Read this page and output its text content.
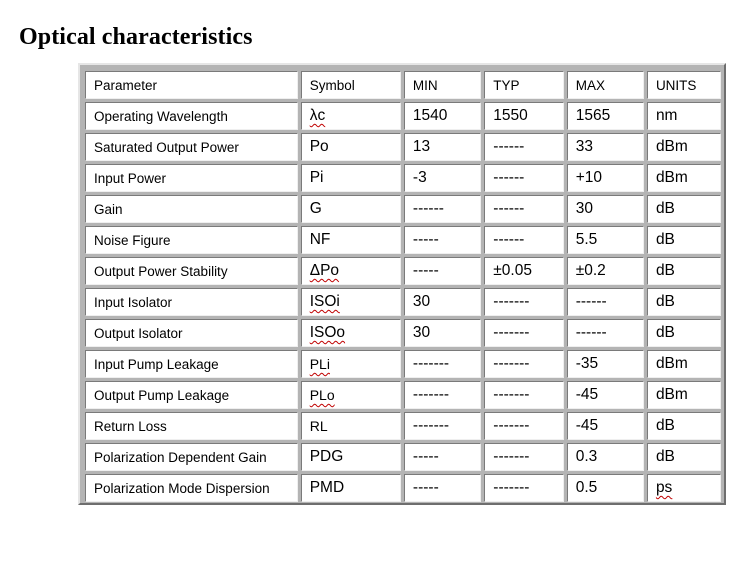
Optical characteristics
Parameter	Symbol	MIN	TYP	MAX	UNITS
Operating Wavelength	λc	1540	1550	1565	nm
Saturated Output Power	Po	13	------	33	dBm
Input Power	Pi	-3	------	+10	dBm
Gain	G	------	------	30	dB
Noise Figure	NF	-----	------	5.5	dB
Output Power Stability	ΔPo	-----	±0.05	±0.2	dB
Input Isolator	ISOi	30	-------	------	dB
Output Isolator	ISOo	30	-------	------	dB
Input Pump Leakage	PLi	-------	-------	-35	dBm
Output Pump Leakage	PLo	-------	-------	-45	dBm
Return Loss	RL	-------	-------	-45	dB
Polarization Dependent Gain	PDG	-----	-------	0.3	dB
Polarization Mode Dispersion	PMD	-----	-------	0.5	ps
